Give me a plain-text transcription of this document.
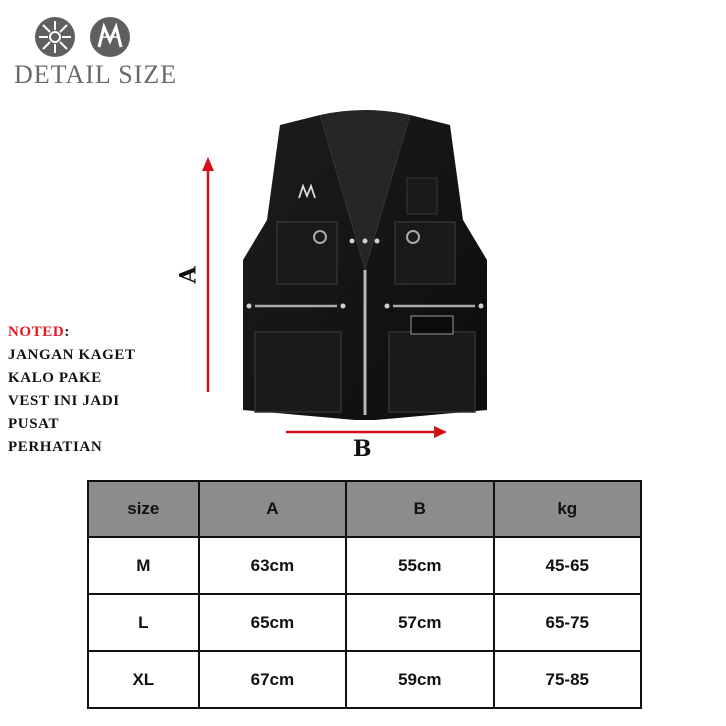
DETAIL SIZE
A
B
NOTED:
JANGAN KAGET
KALO PAKE
VEST INI JADI
PUSAT
PERHATIAN
size	A	B	kg
M	63cm	55cm	45-65
L	65cm	57cm	65-75
XL	67cm	59cm	75-85
